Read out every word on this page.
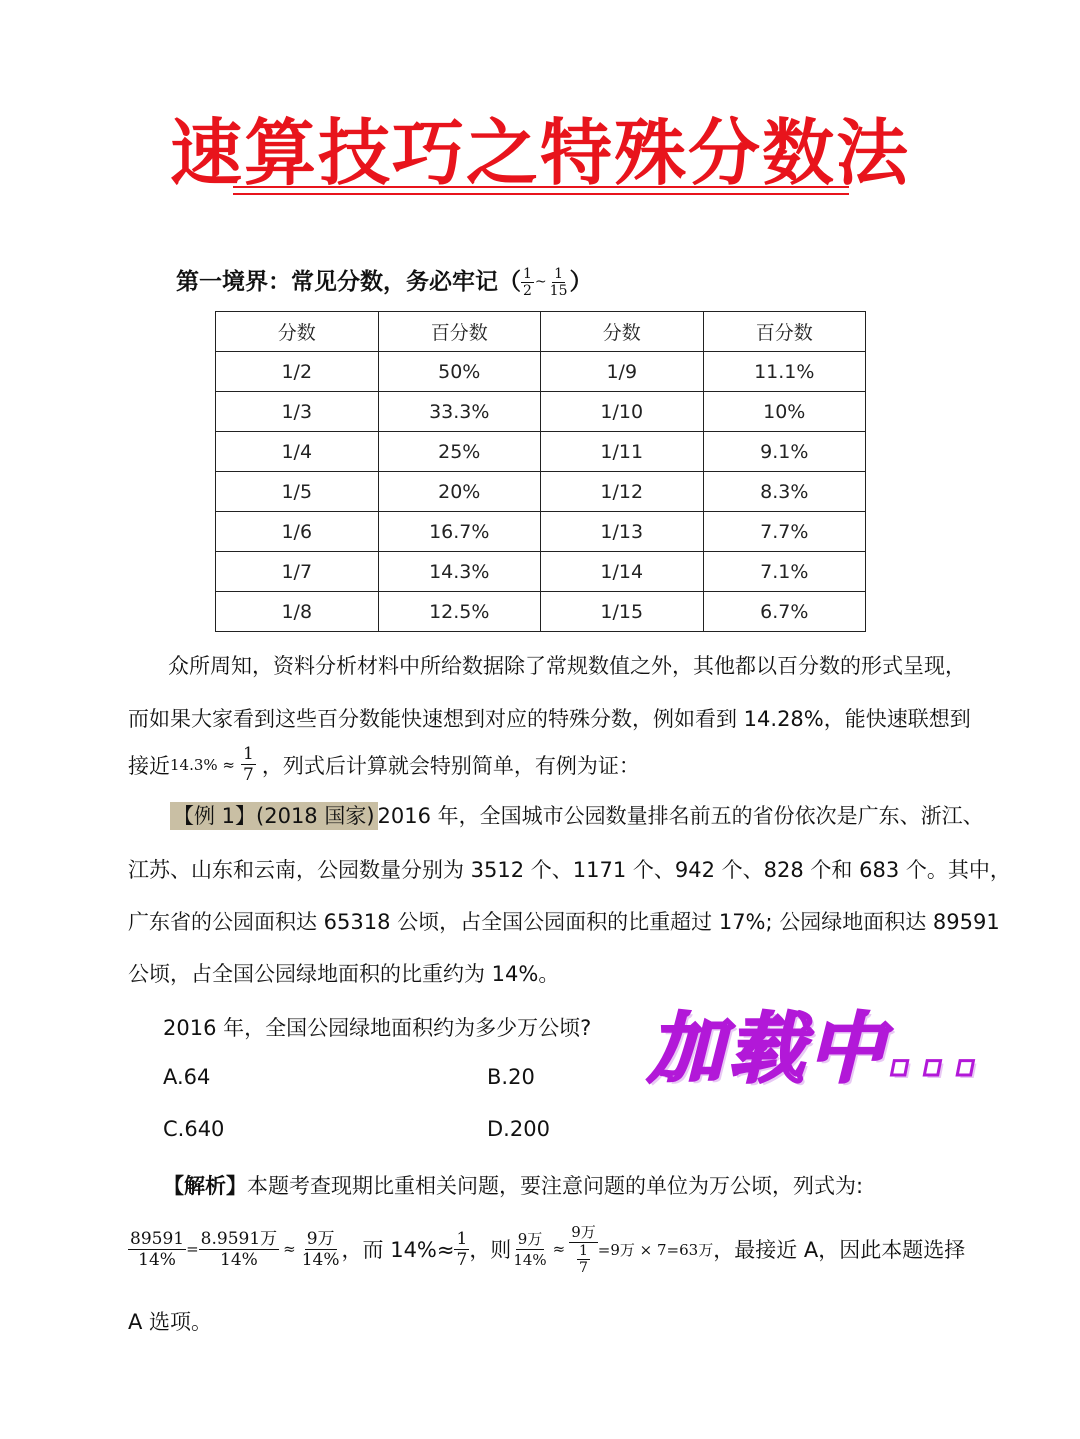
速算技巧之特殊分数法
第一境界：常见分数，务必牢记（ $\frac{1}{2}$ ~ $\frac{1}{15}$ ）
分数	百分数	分数	百分数
1/2	50%	1/9	11.1%
1/3	33.3%	1/10	10%
1/4	25%	1/11	9.1%
1/5	20%	1/12	8.3%
1/6	16.7%	1/13	7.7%
1/7	14.3%	1/14	7.1%
1/8	12.5%	1/15	6.7%
众所周知，资料分析材料中所给数据除了常规数值之外，其他都以百分数的形式呈现，
而如果大家看到这些百分数能快速想到对应的特殊分数，例如看到 14.28%，能快速联想到
接近 $14.3\% \approx \frac{1}{7}$ ，列式后计算就会特别简单，有例为证：
【例 1】(2018 国家) 2016 年，全国城市公园数量排名前五的省份依次是广东、浙江、
江苏、山东和云南，公园数量分别为 3512 个、1171 个、942 个、828 个和 683 个。其中，
广东省的公园面积达 65318 公顷，占全国公园面积的比重超过 17%; 公园绿地面积达 89591
公顷，占全国公园绿地面积的比重约为 14%。
2016 年，全国公园绿地面积约为多少万公顷?
A.64	B.20
C.640	D.200
【解析】本题考查现期比重相关问题，要注意问题的单位为万公顷，列式为:
$\frac{89591}{14\%} = \frac{\text{8.9591万}}{14\%} \approx \frac{\text{9万}}{14\%}$ ，而 $14\%\approx \frac{1}{7}$ ，则 $\frac{\text{9万}}{14\%} \approx \frac{\text{9万}}{\frac{1}{7}} =9$万 × 7=63万 ，最接近 A，因此本题选择
A 选项。
加载中...
